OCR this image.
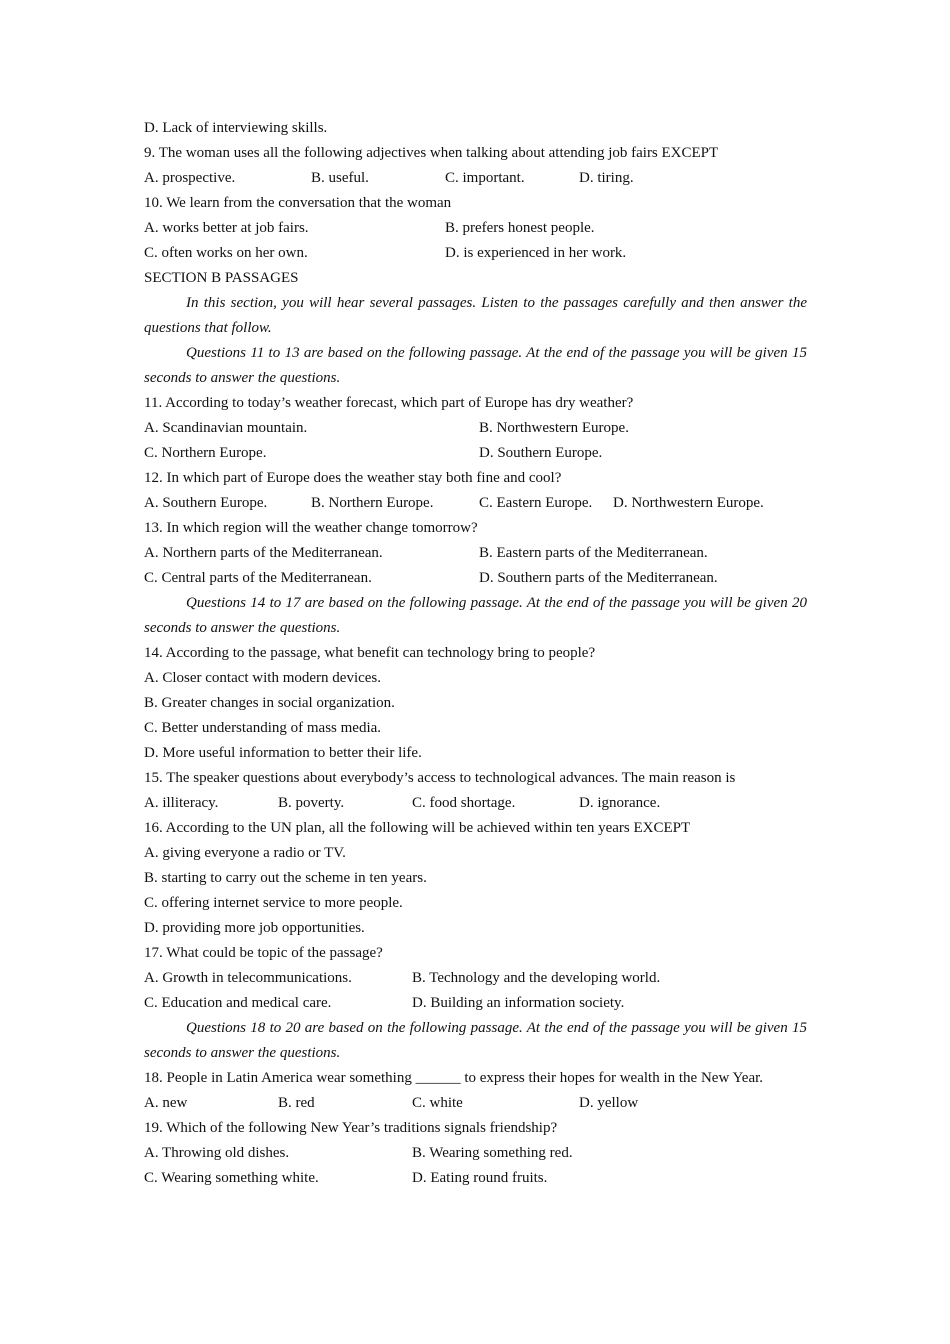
D. Lack of interviewing skills.
9. The woman uses all the following adjectives when talking about attending job fairs EXCEPT
A. prospective.	B. useful.	C. important.	D. tiring.
10. We learn from the conversation that the woman
A. works better at job fairs.	B. prefers honest people.
C. often works on her own.	D. is experienced in her work.
SECTION B PASSAGES
In this section, you will hear several passages. Listen to the passages carefully and then answer the questions that follow.
Questions 11 to 13 are based on the following passage. At the end of the passage you will be given 15 seconds to answer the questions.
11. According to today’s weather forecast, which part of Europe has dry weather?
A. Scandinavian mountain.	B. Northwestern Europe.
C. Northern Europe.	D. Southern Europe.
12. In which part of Europe does the weather stay both fine and cool?
A. Southern Europe.	B. Northern Europe.	C. Eastern Europe. D. Northwestern Europe.
13. In which region will the weather change tomorrow?
A. Northern parts of the Mediterranean.	B. Eastern parts of the Mediterranean.
C. Central parts of the Mediterranean.	D. Southern parts of the Mediterranean.
Questions 14 to 17 are based on the following passage. At the end of the passage you will be given 20 seconds to answer the questions.
14. According to the passage, what benefit can technology bring to people?
A. Closer contact with modern devices.
B. Greater changes in social organization.
C. Better understanding of mass media.
D. More useful information to better their life.
15. The speaker questions about everybody’s access to technological advances. The main reason is
A. illiteracy.	B. poverty.	C. food shortage.	D. ignorance.
16. According to the UN plan, all the following will be achieved within ten years EXCEPT
A. giving everyone a radio or TV.
B. starting to carry out the scheme in ten years.
C. offering internet service to more people.
D. providing more job opportunities.
17. What could be topic of the passage?
A. Growth in telecommunications.	B. Technology and the developing world.
C. Education and medical care.	D. Building an information society.
Questions 18 to 20 are based on the following passage. At the end of the passage you will be given 15 seconds to answer the questions.
18. People in Latin America wear something ______ to express their hopes for wealth in the New Year.
A. new	B. red	C. white	D. yellow
19. Which of the following New Year’s traditions signals friendship?
A. Throwing old dishes.	B. Wearing something red.
C. Wearing something white.	D. Eating round fruits.
